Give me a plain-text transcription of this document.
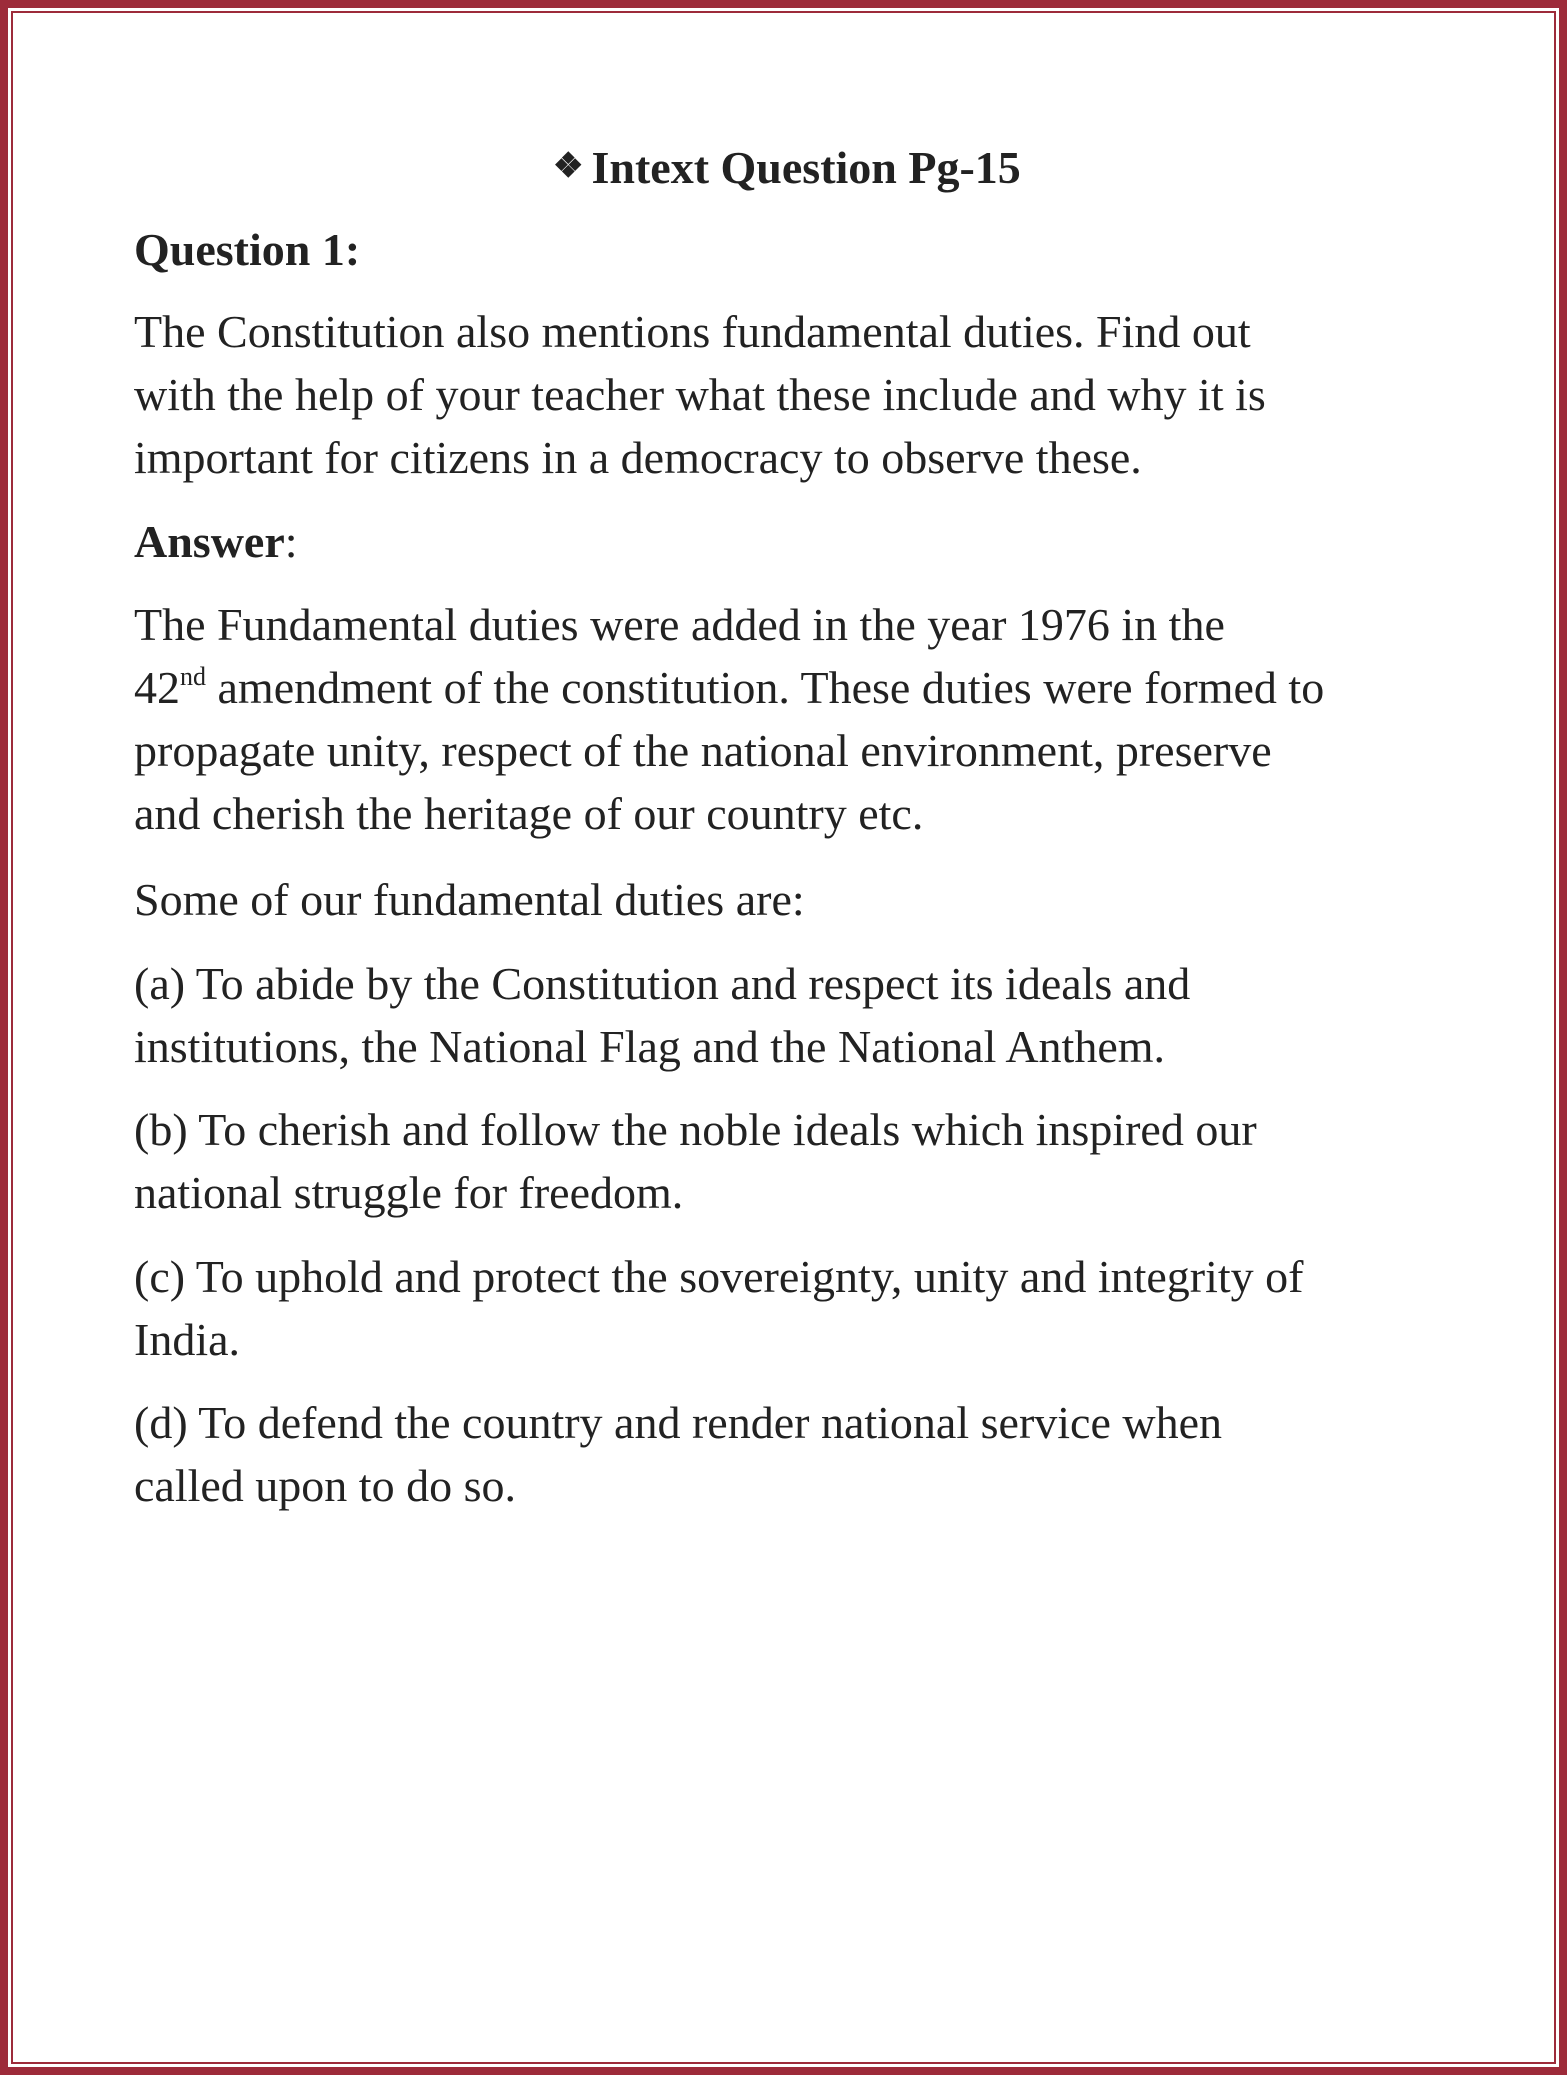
❖ Intext Question Pg-15
Question 1:
The Constitution also mentions fundamental duties. Find out
with the help of your teacher what these include and why it is
important for citizens in a democracy to observe these.
Answer:
The Fundamental duties were added in the year 1976 in the
42nd amendment of the constitution. These duties were formed to
propagate unity, respect of the national environment, preserve
and cherish the heritage of our country etc.
Some of our fundamental duties are:
(a) To abide by the Constitution and respect its ideals and
institutions, the National Flag and the National Anthem.
(b) To cherish and follow the noble ideals which inspired our
national struggle for freedom.
(c) To uphold and protect the sovereignty, unity and integrity of
India.
(d) To defend the country and render national service when
called upon to do so.
